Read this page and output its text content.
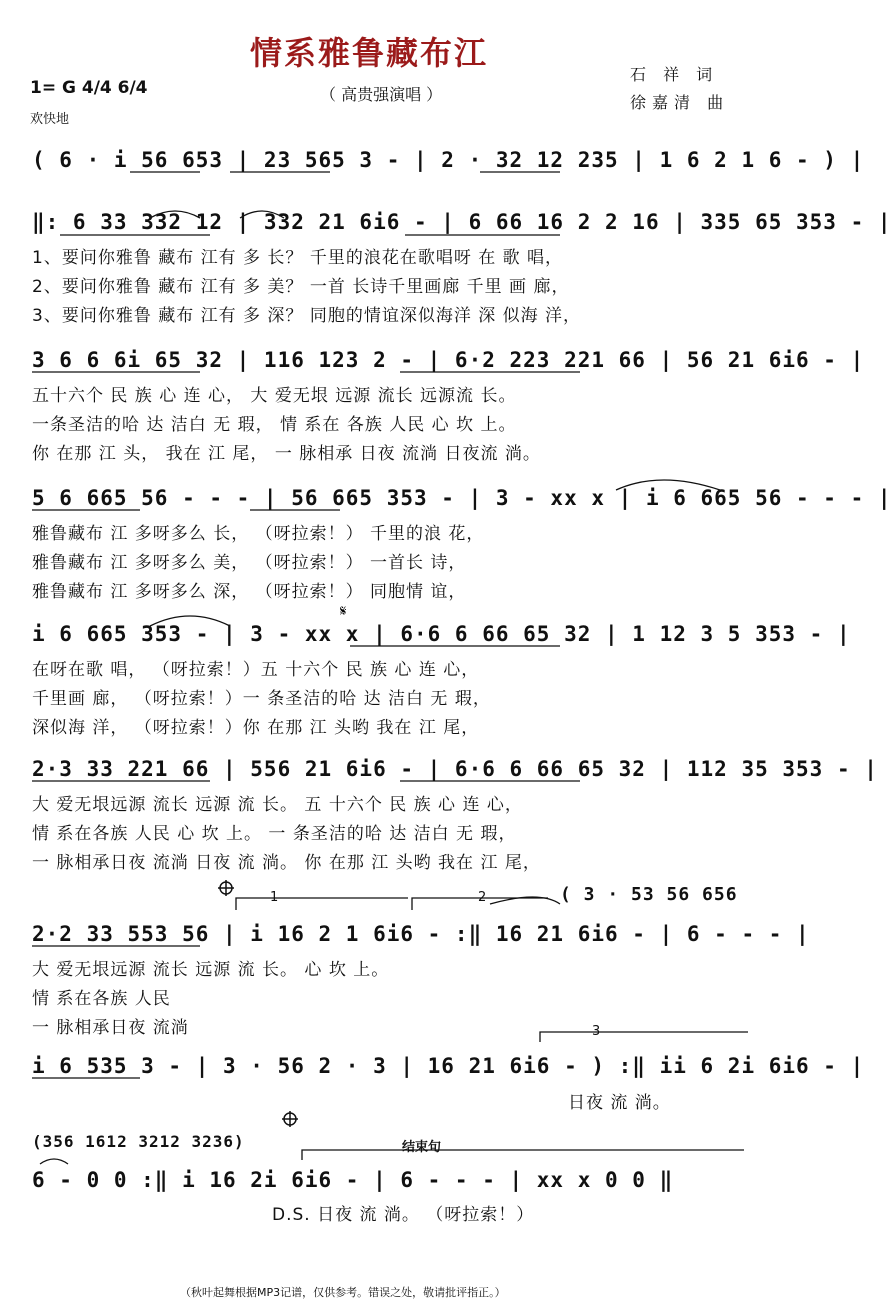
情系雅鲁藏布江
（ 高贵强演唱 ）
石 祥 词
徐嘉清 曲
1= G 4/4 6/4
欢快地
( 6 · i 56 653 | 23 565 3 - | 2 · 32 12 235 | 1 6 2 1 6 - ) |
‖: 6 33 332 12 | 332 21 6i6 - | 6 66 16 2 2 16 | 335 65 353 - |
1、要问你雅鲁 藏布 江有 多 长？ 千里的浪花在歌唱呀 在 歌 唱，
2、要问你雅鲁 藏布 江有 多 美？ 一首 长诗千里画廊 千里 画 廊，
3、要问你雅鲁 藏布 江有 多 深？ 同胞的情谊深似海洋 深 似海 洋，
3 6 6 6i 65 32 | 116 123 2 - | 6·2 223 221 66 | 56 21 6i6 - |
五十六个 民 族 心 连 心， 大 爱无垠 远源 流长 远源流 长。
一条圣洁的哈 达 洁白 无 瑕， 情 系在 各族 人民 心 坎 上。
你 在那 江 头， 我在 江 尾， 一 脉相承 日夜 流淌 日夜流 淌。
5 6 665 56 - - - | 56 665 353 - | 3 - xx x | i 6 665 56 - - - |
雅鲁藏布 江 多呀多么 长， （呀拉索！） 千里的浪 花，
雅鲁藏布 江 多呀多么 美， （呀拉索！） 一首长 诗，
雅鲁藏布 江 多呀多么 深， （呀拉索！） 同胞情 谊，
i 6 665 353 - | 3 - xx x | 6·6 6 66 65 32 | 1 12 3 5 353 - |
在呀在歌 唱， （呀拉索！）五 十六个 民 族 心 连 心，
千里画 廊， （呀拉索！）一 条圣洁的哈 达 洁白 无 瑕，
深似海 洋， （呀拉索！）你 在那 江 头哟 我在 江 尾，
2·3 33 221 66 | 556 21 6i6 - | 6·6 6 66 65 32 | 112 35 353 - |
大 爱无垠远源 流长 远源 流 长。 五 十六个 民 族 心 连 心，
情 系在各族 人民 心 坎 上。 一 条圣洁的哈 达 洁白 无 瑕，
一 脉相承日夜 流淌 日夜 流 淌。 你 在那 江 头哟 我在 江 尾，
( 3 · 53 56 656
1	2
2·2 33 553 56 | i 16 2 1 6i6 - :‖ 16 21 6i6 - | 6 - - - |
大 爱无垠远源 流长 远源 流 长。 心 坎 上。
情 系在各族 人民
一 脉相承日夜 流淌	3
i 6 535 3 - | 3 · 56 2 · 3 | 16 21 6i6 - ) :‖ ii 6 2i 6i6 - |
日夜 流 淌。
(356 1612 3212 3236)	结束句
6 - 0 0 :‖ i 16 2i 6i6 - | 6 - - - | xx x 0 0 ‖
D.S. 日夜 流 淌。 （呀拉索！）
（秋叶起舞根据MP3记谱，仅供参考。错误之处，敬请批评指正。）
𝄋
